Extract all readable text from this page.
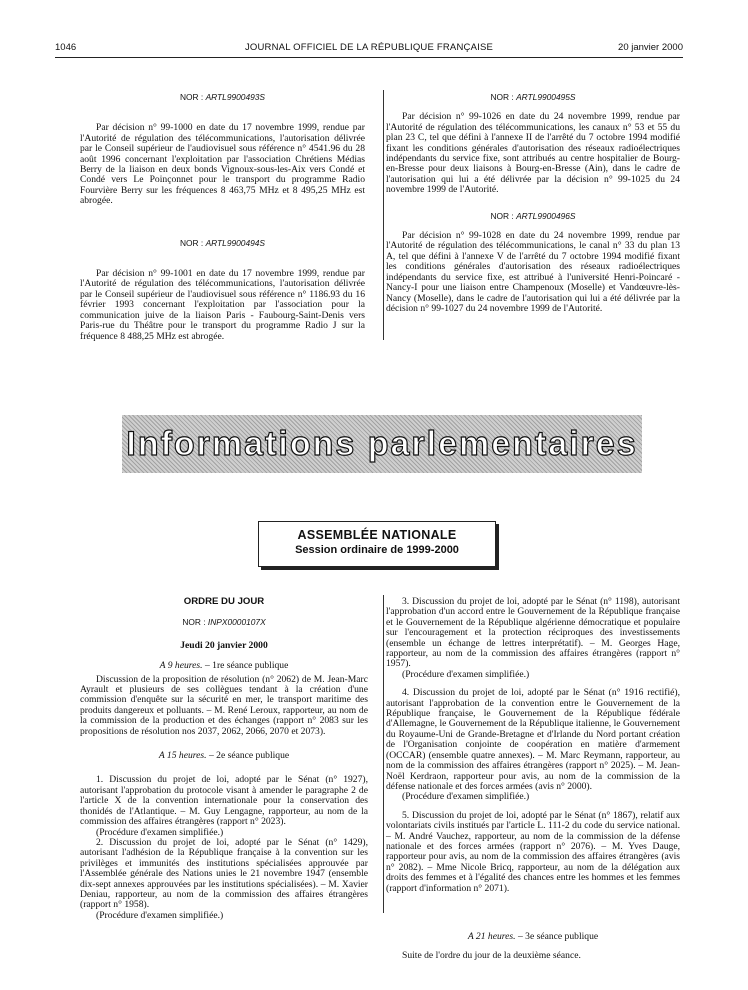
1046	JOURNAL OFFICIEL DE LA RÉPUBLIQUE FRANÇAISE	20 janvier 2000

NOR : ARTL9900493S

Par décision n° 99-1000 en date du 17 novembre 1999, rendue par l'Autorité de régulation des télécommunications, l'autorisation délivrée par le Conseil supérieur de l'audiovisuel sous référence n° 4541.96 du 28 août 1996 concernant l'exploitation par l'association Chrétiens Médias Berry de la liaison en deux bonds Vignoux-sous-les-Aix vers Condé et Condé vers Le Poinçonnet pour le transport du programme Radio Fourvière Berry sur les fréquences 8 463,75 MHz et 8 495,25 MHz est abrogée.

NOR : ARTL9900494S

Par décision n° 99-1001 en date du 17 novembre 1999, rendue par l'Autorité de régulation des télécommunications, l'autorisation délivrée par le Conseil supérieur de l'audiovisuel sous référence n° 1186.93 du 16 février 1993 concernant l'exploitation par l'association pour la communication juive de la liaison Paris - Faubourg-Saint-Denis vers Paris-rue du Théâtre pour le transport du programme Radio J sur la fréquence 8 488,25 MHz est abrogée.

NOR : ARTL9900495S

Par décision n° 99-1026 en date du 24 novembre 1999, rendue par l'Autorité de régulation des télécommunications, les canaux n° 53 et 55 du plan 23 C, tel que défini à l'annexe II de l'arrêté du 7 octobre 1994 modifié fixant les conditions générales d'autorisation des réseaux radioélectriques indépendants du service fixe, sont attribués au centre hospitalier de Bourg-en-Bresse pour deux liaisons à Bourg-en-Bresse (Ain), dans le cadre de l'autorisation qui lui a été délivrée par la décision n° 99-1025 du 24 novembre 1999 de l'Autorité.

NOR : ARTL9900496S

Par décision n° 99-1028 en date du 24 novembre 1999, rendue par l'Autorité de régulation des télécommunications, le canal n° 33 du plan 13 A, tel que défini à l'annexe V de l'arrêté du 7 octobre 1994 modifié fixant les conditions générales d'autorisation des réseaux radioélectriques indépendants du service fixe, est attribué à l'université Henri-Poincaré - Nancy-I pour une liaison entre Champenoux (Moselle) et Vandœuvre-lès-Nancy (Moselle), dans le cadre de l'autorisation qui lui a été délivrée par la décision n° 99-1027 du 24 novembre 1999 de l'Autorité.

Informations parlementaires
ASSEMBLÉE NATIONALE
Session ordinaire de 1999-2000

ORDRE DU JOUR

NOR : INPX0000107X

Jeudi 20 janvier 2000

A 9 heures. – 1re séance publique

Discussion de la proposition de résolution (n° 2062) de M. Jean-Marc Ayrault et plusieurs de ses collègues tendant à la création d'une commission d'enquête sur la sécurité en mer, le transport maritime des produits dangereux et polluants. – M. René Leroux, rapporteur, au nom de la commission de la production et des échanges (rapport n° 2083 sur les propositions de résolution nos 2037, 2062, 2066, 2070 et 2073).

A 15 heures. – 2e séance publique

1. Discussion du projet de loi, adopté par le Sénat (n° 1927), autorisant l'approbation du protocole visant à amender le paragraphe 2 de l'article X de la convention internationale pour la conservation des thonidés de l'Atlantique. – M. Guy Lengagne, rapporteur, au nom de la commission des affaires étrangères (rapport n° 2023).

(Procédure d'examen simplifiée.)

2. Discussion du projet de loi, adopté par le Sénat (n° 1429), autorisant l'adhésion de la République française à la convention sur les privilèges et immunités des institutions spécialisées approuvée par l'Assemblée générale des Nations unies le 21 novembre 1947 (ensemble dix-sept annexes approuvées par les institutions spécialisées). – M. Xavier Deniau, rapporteur, au nom de la commission des affaires étrangères (rapport n° 1958).

(Procédure d'examen simplifiée.)

3. Discussion du projet de loi, adopté par le Sénat (n° 1198), autorisant l'approbation d'un accord entre le Gouvernement de la République française et le Gouvernement de la République algérienne démocratique et populaire sur l'encouragement et la protection réciproques des investissements (ensemble un échange de lettres interprétatif). – M. Georges Hage, rapporteur, au nom de la commission des affaires étrangères (rapport n° 1957).

(Procédure d'examen simplifiée.)

4. Discussion du projet de loi, adopté par le Sénat (n° 1916 rectifié), autorisant l'approbation de la convention entre le Gouvernement de la République française, le Gouvernement de la République fédérale d'Allemagne, le Gouvernement de la République italienne, le Gouvernement du Royaume-Uni de Grande-Bretagne et d'Irlande du Nord portant création de l'Organisation conjointe de coopération en matière d'armement (OCCAR) (ensemble quatre annexes). – M. Marc Reymann, rapporteur, au nom de la commission des affaires étrangères (rapport n° 2025). – M. Jean-Noël Kerdraon, rapporteur pour avis, au nom de la commission de la défense nationale et des forces armées (avis n° 2000).

(Procédure d'examen simplifiée.)

5. Discussion du projet de loi, adopté par le Sénat (n° 1867), relatif aux volontariats civils institués par l'article L. 111-2 du code du service national. – M. André Vauchez, rapporteur, au nom de la commission de la défense nationale et des forces armées (rapport n° 2076). – M. Yves Dauge, rapporteur pour avis, au nom de la commission des affaires étrangères (avis n° 2082). – Mme Nicole Bricq, rapporteur, au nom de la délégation aux droits des femmes et à l'égalité des chances entre les hommes et les femmes (rapport d'information n° 2071).

A 21 heures. – 3e séance publique

Suite de l'ordre du jour de la deuxième séance.
